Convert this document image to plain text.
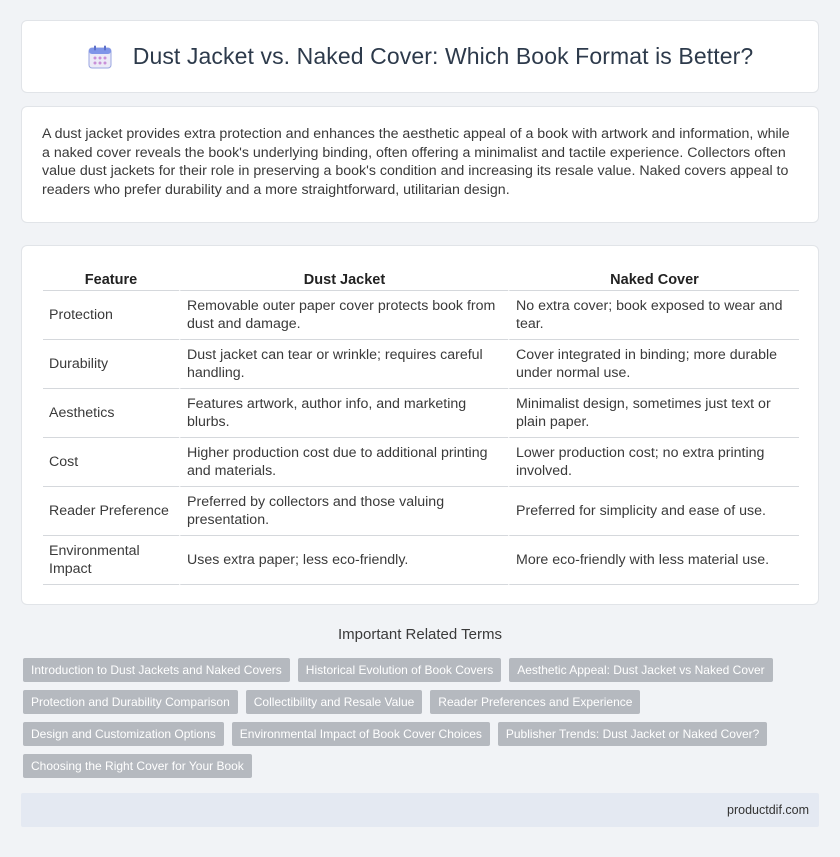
Dust Jacket vs. Naked Cover: Which Book Format is Better?

A dust jacket provides extra protection and enhances the aesthetic appeal of a book with artwork and information, while a naked cover reveals the book's underlying binding, often offering a minimalist and tactile experience. Collectors often value dust jackets for their role in preserving a book's condition and increasing its resale value. Naked covers appeal to readers who prefer durability and a more straightforward, utilitarian design.

Feature	Dust Jacket	Naked Cover
Protection	Removable outer paper cover protects book from dust and damage.	No extra cover; book exposed to wear and tear.
Durability	Dust jacket can tear or wrinkle; requires careful handling.	Cover integrated in binding; more durable under normal use.
Aesthetics	Features artwork, author info, and marketing blurbs.	Minimalist design, sometimes just text or plain paper.
Cost	Higher production cost due to additional printing and materials.	Lower production cost; no extra printing involved.
Reader Preference	Preferred by collectors and those valuing presentation.	Preferred for simplicity and ease of use.
Environmental Impact	Uses extra paper; less eco-friendly.	More eco-friendly with less material use.
Important Related Terms
Introduction to Dust Jackets and Naked Covers	Historical Evolution of Book Covers	Aesthetic Appeal: Dust Jacket vs Naked Cover
Protection and Durability Comparison	Collectibility and Resale Value	Reader Preferences and Experience
Design and Customization Options	Environmental Impact of Book Cover Choices	Publisher Trends: Dust Jacket or Naked Cover?
Choosing the Right Cover for Your Book
productdif.com
